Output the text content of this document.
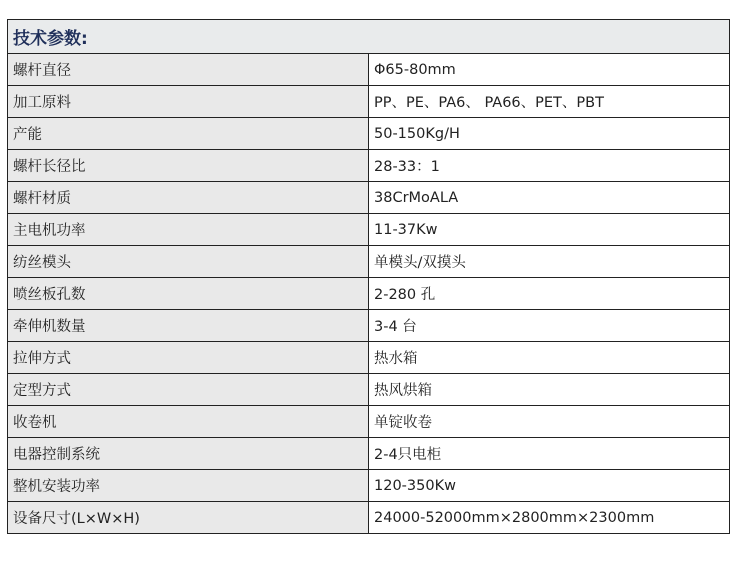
技术参数:	
螺杆直径	Φ65-80mm
加工原料	PP、PE、PA6、 PA66、PET、PBT
产能	50-150Kg/H
螺杆长径比	28-33：1
螺杆材质	38CrMoALA
主电机功率	11-37Kw
纺丝模头	单模头/双摸头
喷丝板孔数	2-280 孔
牵伸机数量	3-4 台
拉伸方式	热水箱
定型方式	热风烘箱
收卷机	单锭收卷
电器控制系统	2-4只电柜
整机安装功率	120-350Kw
设备尺寸(L×W×H)	24000-52000mm×2800mm×2300mm
